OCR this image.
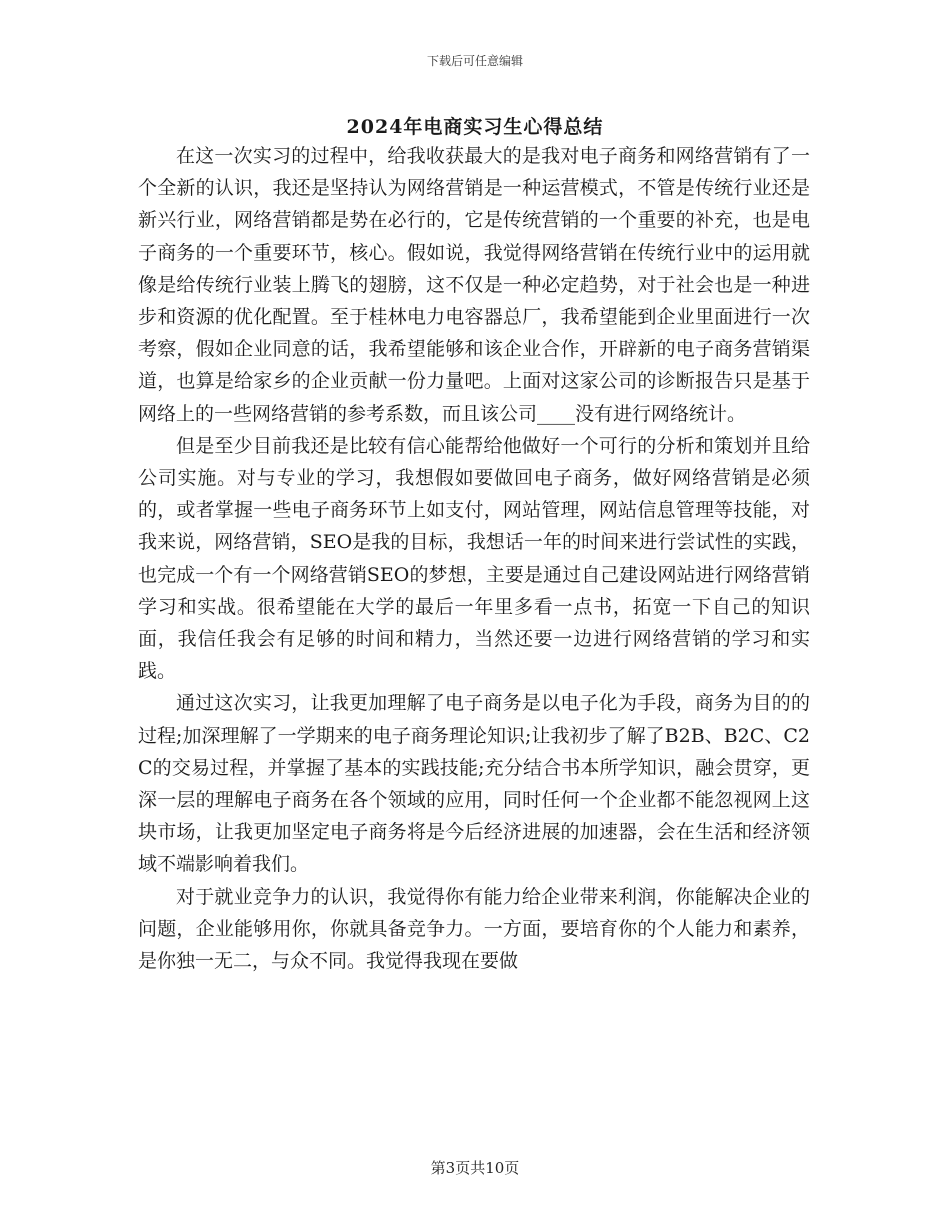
下载后可任意编辑
2024年电商实习生心得总结

在这一次实习的过程中，给我收获最大的是我对电子商务和网络营销有了一个全新的认识，我还是坚持认为网络营销是一种运营模式，不管是传统行业还是新兴行业，网络营销都是势在必行的，它是传统营销的一个重要的补充，也是电子商务的一个重要环节，核心。假如说，我觉得网络营销在传统行业中的运用就像是给传统行业装上腾飞的翅膀，这不仅是一种必定趋势，对于社会也是一种进步和资源的优化配置。至于桂林电力电容器总厂，我希望能到企业里面进行一次考察，假如企业同意的话，我希望能够和该企业合作，开辟新的电子商务营销渠道，也算是给家乡的企业贡献一份力量吧。上面对这家公司的诊断报告只是基于网络上的一些网络营销的参考系数，而且该公司____没有进行网络统计。

但是至少目前我还是比较有信心能帮给他做好一个可行的分析和策划并且给公司实施。对与专业的学习，我想假如要做回电子商务，做好网络营销是必须的，或者掌握一些电子商务环节上如支付，网站管理，网站信息管理等技能，对我来说，网络营销，SEO是我的目标，我想话一年的时间来进行尝试性的实践，也完成一个有一个网络营销SEO的梦想，主要是通过自己建设网站进行网络营销学习和实战。很希望能在大学的最后一年里多看一点书，拓宽一下自己的知识面，我信任我会有足够的时间和精力，当然还要一边进行网络营销的学习和实践。

通过这次实习，让我更加理解了电子商务是以电子化为手段，商务为目的的过程;加深理解了一学期来的电子商务理论知识;让我初步了解了B2B、B2C、C2C的交易过程，并掌握了基本的实践技能;充分结合书本所学知识，融会贯穿，更深一层的理解电子商务在各个领域的应用，同时任何一个企业都不能忽视网上这块市场，让我更加坚定电子商务将是今后经济进展的加速器，会在生活和经济领域不端影响着我们。

对于就业竞争力的认识，我觉得你有能力给企业带来利润，你能解决企业的问题，企业能够用你，你就具备竞争力。一方面，要培育你的个人能力和素养，是你独一无二，与众不同。我觉得我现在要做

第3页共10页
